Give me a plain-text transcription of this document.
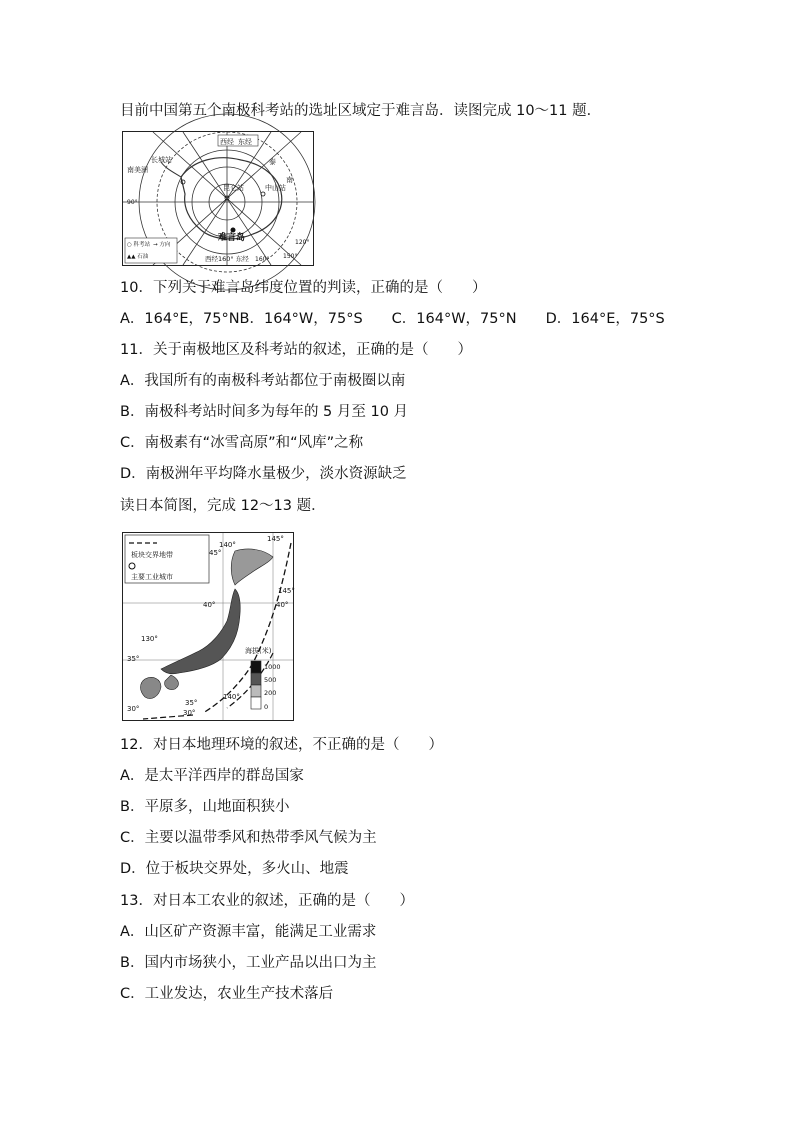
目前中国第五个南极科考站的选址区域定于难言岛．读图完成 10～11 题．
西经 东经
长城站
南美洲
90°
昆仑站	中山站
泰
南
难言岛	120°
150°
西经160° 东经 160°
○ 科考站 → 方向
▲▲ 石油
10．下列关于难言岛纬度位置的判读，正确的是（　　）
A．164°E，75°NB．164°W，75°S　　C．164°W，75°N　　D．164°E，75°S
11．关于南极地区及科考站的叙述，正确的是（　　）
A．我国所有的南极科考站都位于南极圈以南
B．南极科考站时间多为每年的 5 月至 10 月
C．南极素有“冰雪高原”和“风库”之称
D．南极洲年平均降水量极少，淡水资源缺乏
读日本简图，完成 12～13 题．
板块交界地带
主要工业城市
140°
145°
45°
145°
40°	40°
130°
35°
35°
140°
30°	30°
海拔(米)
1000
500
200
0
12．对日本地理环境的叙述，不正确的是（　　）
A．是太平洋西岸的群岛国家
B．平原多，山地面积狭小
C．主要以温带季风和热带季风气候为主
D．位于板块交界处，多火山、地震
13．对日本工农业的叙述，正确的是（　　）
A．山区矿产资源丰富，能满足工业需求
B．国内市场狭小，工业产品以出口为主
C．工业发达，农业生产技术落后
